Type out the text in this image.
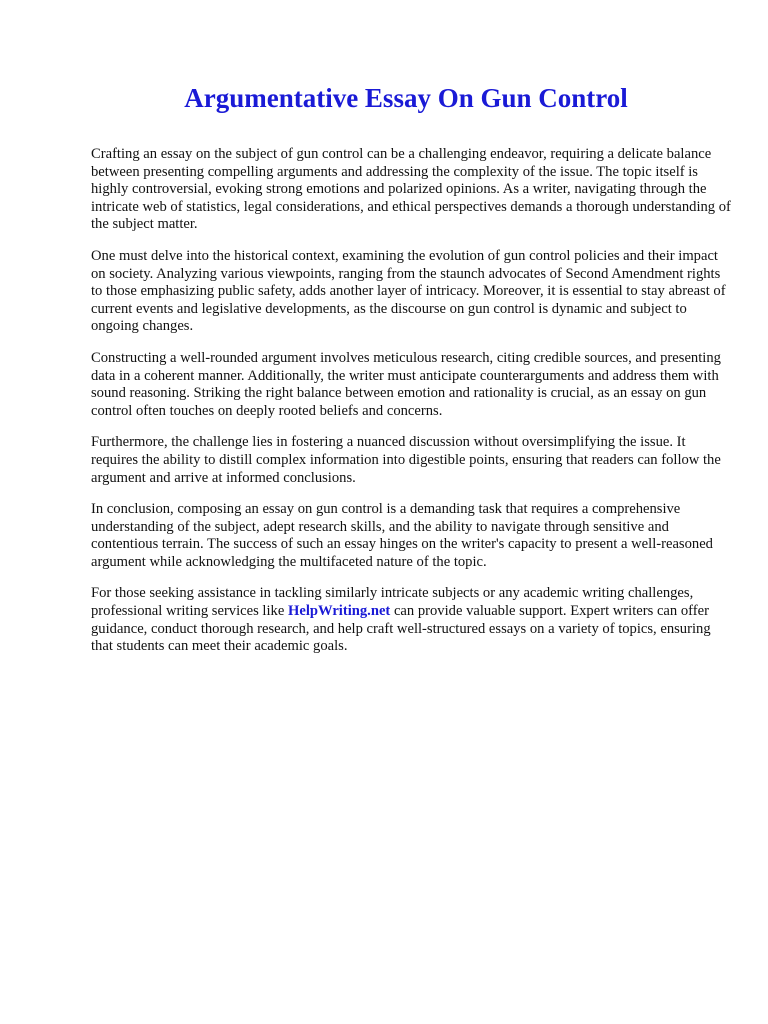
Argumentative Essay On Gun Control

Crafting an essay on the subject of gun control can be a challenging endeavor, requiring a delicate balance between presenting compelling arguments and addressing the complexity of the issue. The topic itself is highly controversial, evoking strong emotions and polarized opinions. As a writer, navigating through the intricate web of statistics, legal considerations, and ethical perspectives demands a thorough understanding of the subject matter.

One must delve into the historical context, examining the evolution of gun control policies and their impact on society. Analyzing various viewpoints, ranging from the staunch advocates of Second Amendment rights to those emphasizing public safety, adds another layer of intricacy. Moreover, it is essential to stay abreast of current events and legislative developments, as the discourse on gun control is dynamic and subject to ongoing changes.

Constructing a well-rounded argument involves meticulous research, citing credible sources, and presenting data in a coherent manner. Additionally, the writer must anticipate counterarguments and address them with sound reasoning. Striking the right balance between emotion and rationality is crucial, as an essay on gun control often touches on deeply rooted beliefs and concerns.

Furthermore, the challenge lies in fostering a nuanced discussion without oversimplifying the issue. It requires the ability to distill complex information into digestible points, ensuring that readers can follow the argument and arrive at informed conclusions.

In conclusion, composing an essay on gun control is a demanding task that requires a comprehensive understanding of the subject, adept research skills, and the ability to navigate through sensitive and contentious terrain. The success of such an essay hinges on the writer's capacity to present a well-reasoned argument while acknowledging the multifaceted nature of the topic.

For those seeking assistance in tackling similarly intricate subjects or any academic writing challenges, professional writing services like HelpWriting.net can provide valuable support. Expert writers can offer guidance, conduct thorough research, and help craft well-structured essays on a variety of topics, ensuring that students can meet their academic goals.
